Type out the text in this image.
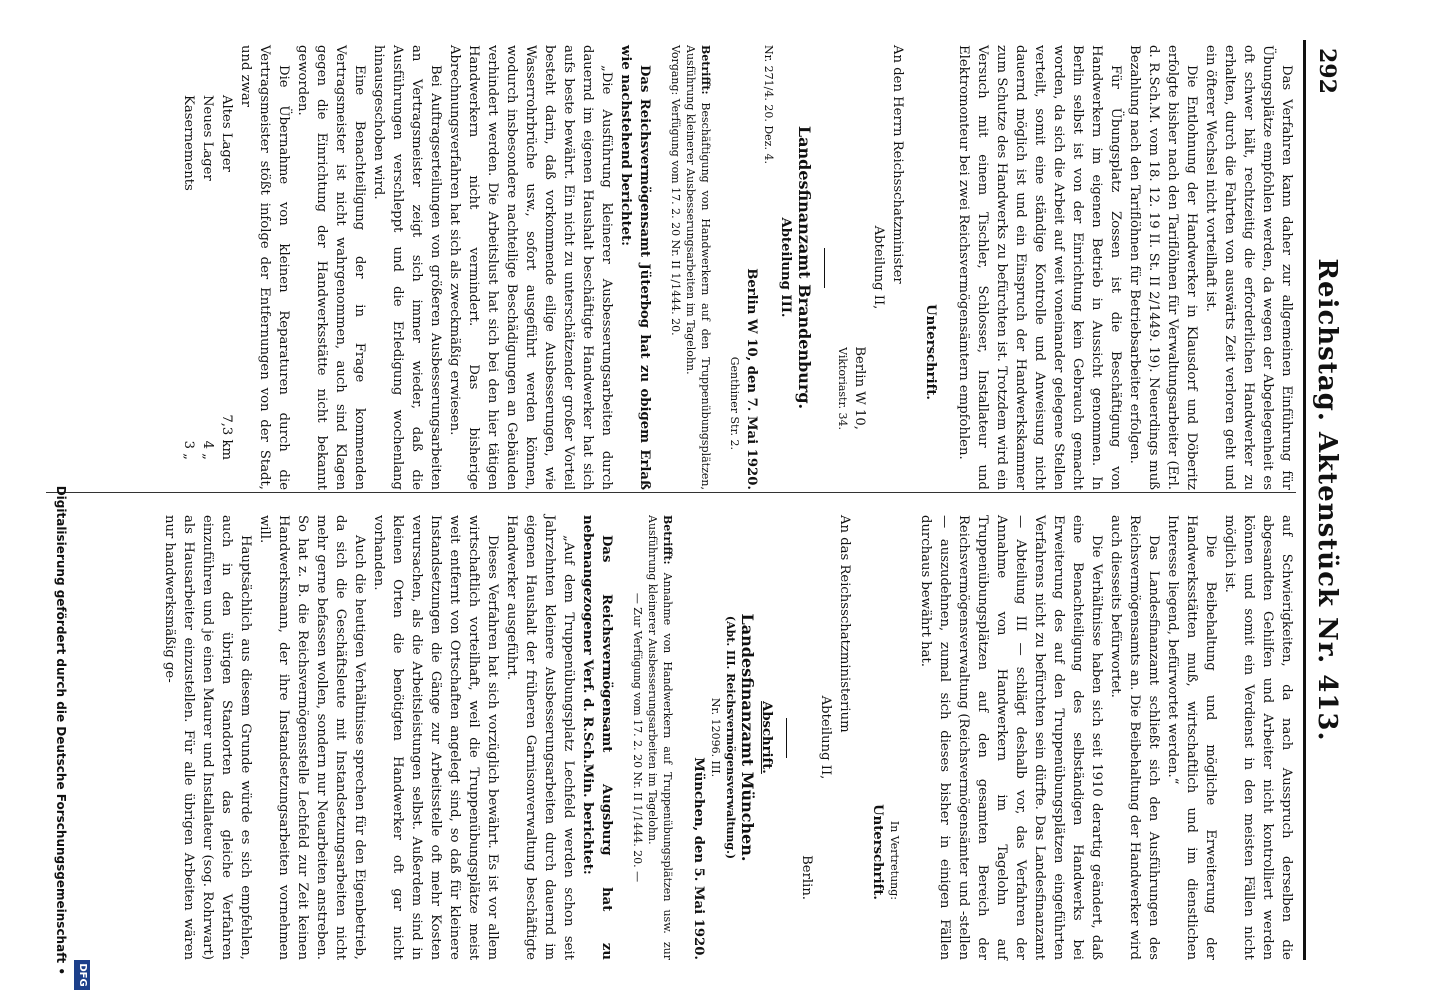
292
Reichstag. Aktenstück Nr. 413.

Das Verfahren kann daher zur allgemeinen Einführung für Übungsplätze empfohlen werden, da wegen der Abgelegenheit es oft schwer hält, rechtzeitig die erforderlichen Handwerker zu erhalten, durch die Fahrten von auswärts Zeit verloren geht und ein öfterer Wechsel nicht vorteilhaft ist.

Die Entlohnung der Handwerker in Klausdorf und Döberitz erfolgte bisher nach den Tariflöhnen für Verwaltungsarbeiter (Erl. d. R.Sch.M. vom 18. 12. 19 II. St. II 2/1449. 19). Neuerdings muß Bezahlung nach den Tariflöhnen für Betriebsarbeiter erfolgen.

Für Übungsplatz Zossen ist die Beschäftigung von Handwerkern im eigenen Betrieb in Aussicht genommen. In Berlin selbst ist von der Einrichtung kein Gebrauch gemacht worden, da sich die Arbeit auf weit voneinander gelegene Stellen verteilt, somit eine ständige Kontrolle und Anweisung nicht dauernd möglich ist und ein Einspruch der Handwerkskammer zum Schutze des Handwerks zu befürchten ist. Trotzdem wird ein Versuch mit einem Tischler, Schlosser, Installateur und Elektromonteur bei zwei Reichsvermögensämtern empfohlen.

Unterschrift.

An den Herrn Reichsschatzminister

Abteilung II,

Berlin W 10,

Viktoriastr. 34.

Landesfinanzamt Brandenburg.

Abteilung III.

Nr. 271/4. 20. Dez. 4.

Berlin W 10, den 7. Mai 1920.

Genthiner Str. 2.

Betrifft: Beschäftigung von Handwerkern auf den Truppenübungsplätzen, Ausführung kleinerer Ausbesserungsarbeiten im Tagelohn.

Vorgang: Verfügung vom 17. 2. 20 Nr. II 1/1444. 20.

Das Reichsvermögensamt Jüterbog hat zu obigem Erlaß wie nachstehend berichtet:

„Die Ausführung kleinerer Ausbesserungsarbeiten durch dauernd im eigenen Haushalt beschäftigte Handwerker hat sich aufs beste bewährt. Ein nicht zu unterschätzender großer Vorteil besteht darin, daß vorkommende eilige Ausbesserungen, wie Wasserrohrbrüche usw., sofort ausgeführt werden können, wodurch insbesondere nachteilige Beschädigungen an Gebäuden verhindert werden. Die Arbeitslust hat sich bei den hier tätigen Handwerkern nicht vermindert. Das bisherige Abrechnungsverfahren hat sich als zweckmäßig erwiesen.

Bei Auftragserteilungen von größeren Ausbesserungsarbeiten an Vertragsmeister zeigt sich immer wieder, daß die Ausführungen verschleppt und die Erledigung wochenlang hinausgeschoben wird.

Eine Benachteiligung der in Frage kommenden Vertragsmeister ist nicht wahrgenommen, auch sind Klagen gegen die Einrichtung der Handwerksstätte nicht bekannt geworden.

Die Übernahme von kleinen Reparaturen durch die Vertragsmeister stößt infolge der Entfernungen von der Stadt, und zwar

Altes Lager
7,3 km
Neues Lager
4 „
Kasernements
3 „

auf Schwierigkeiten, da nach Ausspruch derselben die abgesandten Gehilfen und Arbeiter nicht kontrolliert werden können und somit ein Verdienst in den meisten Fällen nicht möglich ist.

Die Beibehaltung und mögliche Erweiterung der Handwerksstätten muß, wirtschaftlich und im dienstlichen Interesse liegend, befürwortet werden.“

Das Landesfinanzamt schließt sich den Ausführungen des Reichsvermögensamts an. Die Beibehaltung der Handwerker wird auch diesseits befürwortet.

Die Verhältnisse haben sich seit 1910 derartig geändert, daß eine Benachteiligung des selbständigen Handwerks bei Erweiterung des auf den Truppenübungsplätzen eingeführten Verfahrens nicht zu befürchten sein dürfte. Das Landesfinanzamt — Abteilung III — schlägt deshalb vor, das Verfahren der Annahme von Handwerkern im Tagelohn auf Truppenübungsplätzen auf den gesamten Bereich der Reichsvermögensverwaltung (Reichsvermögensämter und -stellen — auszudehnen, zumal sich dieses bisher in einigen Fällen durchaus bewährt hat.

In Vertretung:

Unterschrift.

An das Reichsschatzministerium

Abteilung II,

Berlin.

Abschrift.

Landesfinanzamt München.

(Abt. III. Reichsvermögensverwaltung.)

Nr. 12096. III.

München, den 5. Mai 1920.

Betrifft: Annahme von Handwerkern auf Truppenübungsplätzen usw. zur Ausführung kleinerer Ausbesserungsarbeiten im Tagelohn.

— Zur Verfügung vom 17. 2. 20 Nr. II 1/1444. 20. —

Das Reichsvermögensamt Augsburg hat zu nebenangezogener Verf. d. R.Sch.Min. berichtet:

„Auf dem Truppenübungsplatz Lechfeld werden schon seit Jahrzehnten kleinere Ausbesserungsarbeiten durch dauernd im eigenen Haushalt der früheren Garnisonverwaltung beschäftigte Handwerker ausgeführt.

Dieses Verfahren hat sich vorzüglich bewährt. Es ist vor allem wirtschaftlich vorteilhaft, weil die Truppenübungsplätze meist weit entfernt von Ortschaften angelegt sind, so daß für kleinere Instandsetzungen die Gänge zur Arbeitsstelle oft mehr Kosten verursachen, als die Arbeitsleistungen selbst. Außerdem sind in kleinen Orten die benötigten Handwerker oft gar nicht vorhanden.

Auch die heutigen Verhältnisse sprechen für den Eigenbetrieb, da sich die Geschäftsleute mit Instandsetzungsarbeiten nicht mehr gerne befassen wollen, sondern nur Neuarbeiten anstreben. So hat z. B. die Reichsvermögensstelle Lechfeld zur Zeit keinen Handwerksmann, der ihre Instandsetzungsarbeiten vornehmen will.

Hauptsächlich aus diesem Grunde würde es sich empfehlen, auch in den übrigen Standorten das gleiche Verfahren einzuführen und je einen Maurer und Installateur (sog. Rohrwart) als Hausarbeiter einzustellen. Für alle übrigen Arbeiten wären nur handwerksmäßig ge-

Digitalisierung gefördert durch die Deutsche Forschungsgemeinschaft • DFG
